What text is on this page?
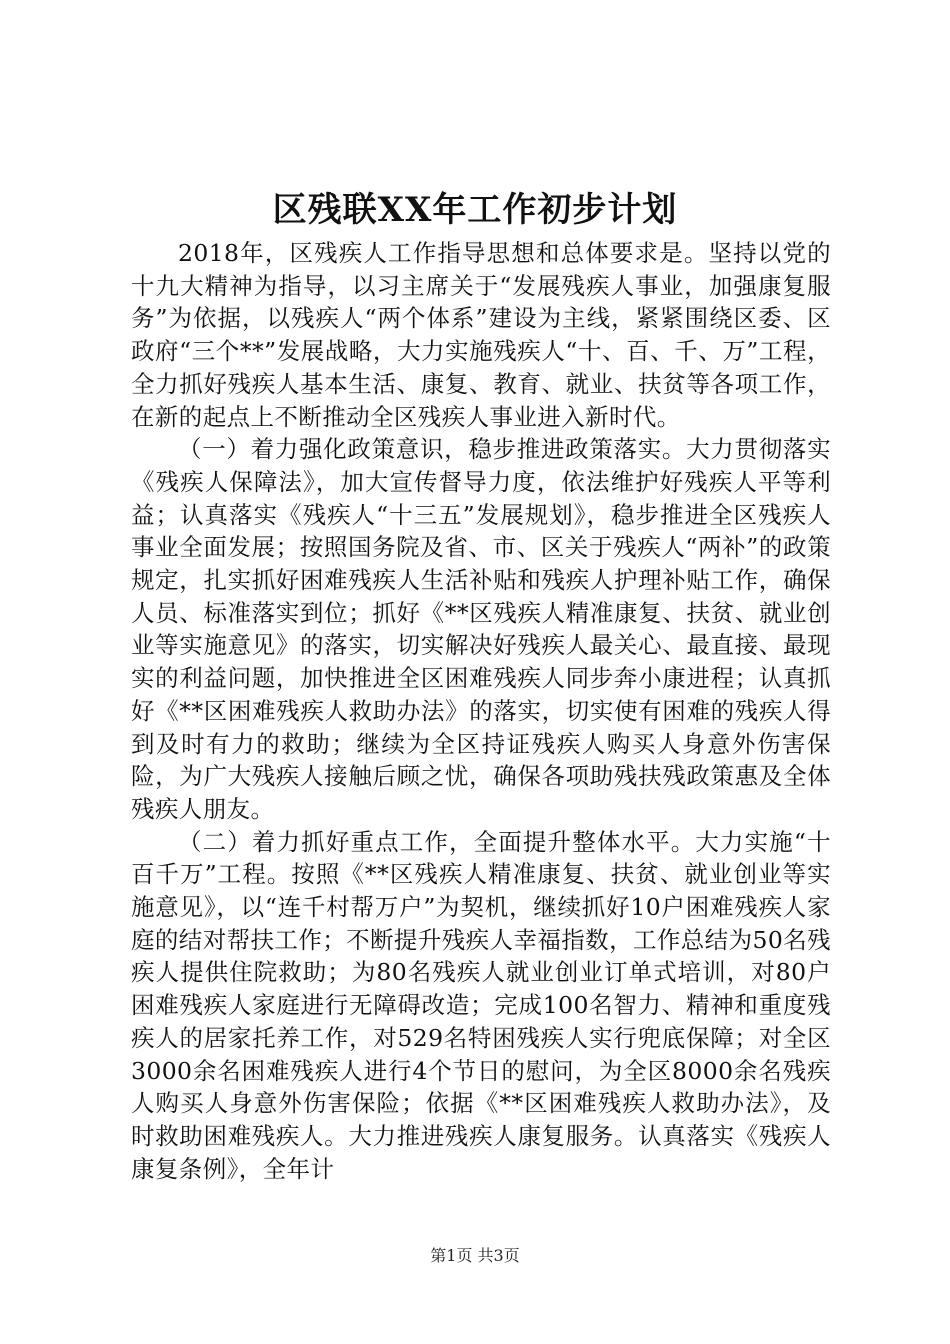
区残联XX年工作初步计划

2018年，区残疾人工作指导思想和总体要求是。坚持以党的十九大精神为指导，以习主席关于“发展残疾人事业，加强康复服务”为依据，以残疾人“两个体系”建设为主线，紧紧围绕区委、区政府“三个**”发展战略，大力实施残疾人“十、百、千、万”工程，全力抓好残疾人基本生活、康复、教育、就业、扶贫等各项工作，在新的起点上不断推动全区残疾人事业进入新时代。

（一）着力强化政策意识，稳步推进政策落实。大力贯彻落实《残疾人保障法》，加大宣传督导力度，依法维护好残疾人平等利益；认真落实《残疾人“十三五”发展规划》，稳步推进全区残疾人事业全面发展；按照国务院及省、市、区关于残疾人“两补”的政策规定，扎实抓好困难残疾人生活补贴和残疾人护理补贴工作，确保人员、标准落实到位；抓好《**区残疾人精准康复、扶贫、就业创业等实施意见》的落实，切实解决好残疾人最关心、最直接、最现实的利益问题，加快推进全区困难残疾人同步奔小康进程；认真抓好《**区困难残疾人救助办法》的落实，切实使有困难的残疾人得到及时有力的救助；继续为全区持证残疾人购买人身意外伤害保险，为广大残疾人接触后顾之忧，确保各项助残扶残政策惠及全体残疾人朋友。

（二）着力抓好重点工作，全面提升整体水平。大力实施“十百千万”工程。按照《**区残疾人精准康复、扶贫、就业创业等实施意见》，以“连千村帮万户”为契机，继续抓好10户困难残疾人家庭的结对帮扶工作；不断提升残疾人幸福指数，工作总结为50名残疾人提供住院救助；为80名残疾人就业创业订单式培训，对80户困难残疾人家庭进行无障碍改造；完成100名智力、精神和重度残疾人的居家托养工作，对529名特困残疾人实行兜底保障；对全区3000余名困难残疾人进行4个节日的慰问，为全区8000余名残疾人购买人身意外伤害保险；依据《**区困难残疾人救助办法》，及时救助困难残疾人。大力推进残疾人康复服务。认真落实《残疾人康复条例》，全年计

第1页 共3页
